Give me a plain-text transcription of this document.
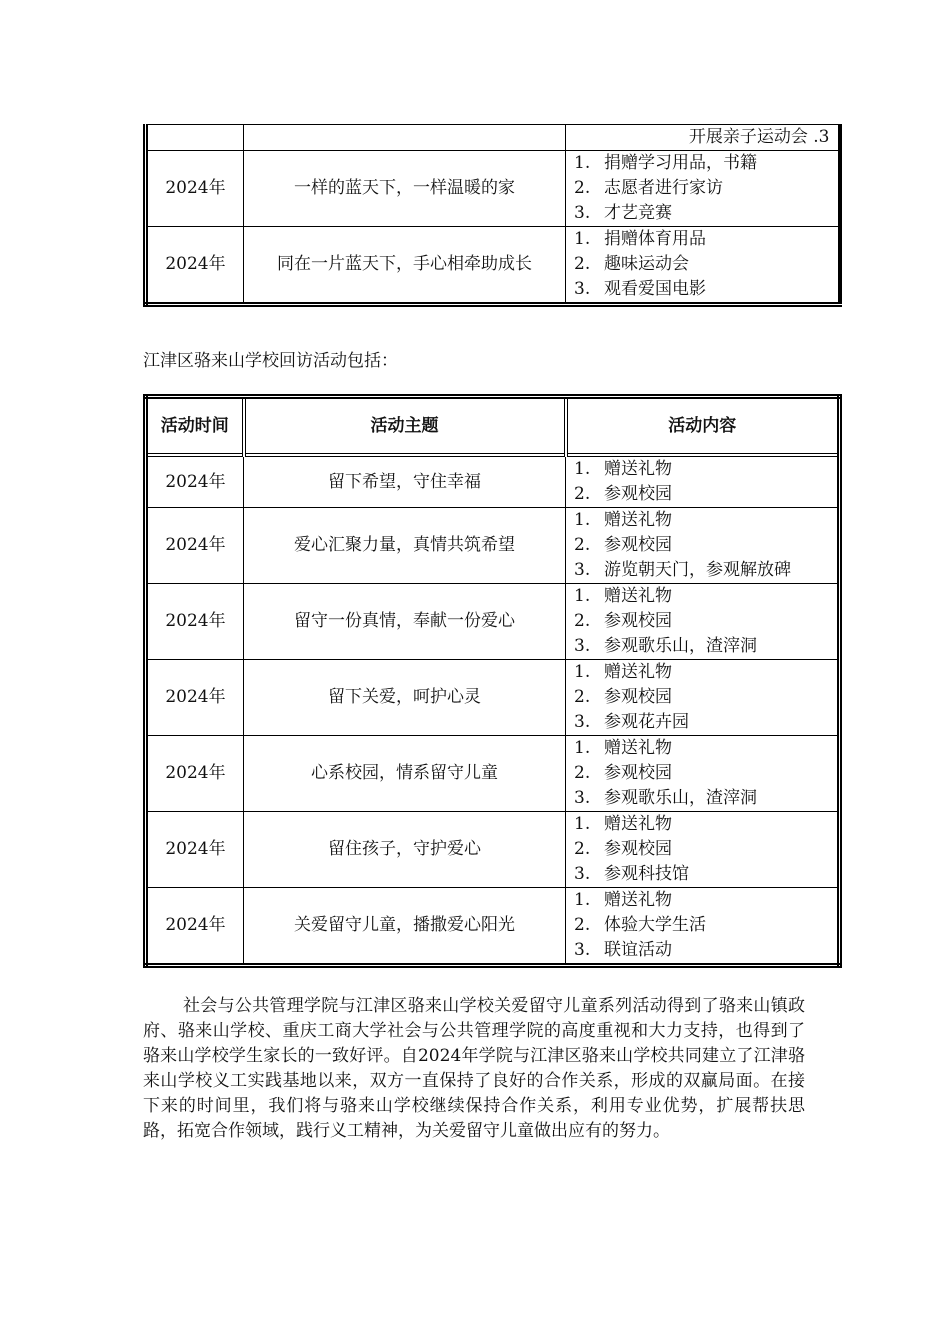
		开展亲子运动会 .3
2024年	一样的蓝天下，一样温暖的家	1. 捐赠学习用品，书籍
2. 志愿者进行家访
3. 才艺竞赛

2024年	同在一片蓝天下，手心相牵助成长	1. 捐赠体育用品
2. 趣味运动会
3. 观看爱国电影
江津区骆来山学校回访活动包括：
活动时间	活动主题	活动内容
2024年	留下希望，守住幸福	1. 赠送礼物
2. 参观校园

2024年	爱心汇聚力量，真情共筑希望	1. 赠送礼物
2. 参观校园
3. 游览朝天门，参观解放碑

2024年	留守一份真情，奉献一份爱心	1. 赠送礼物
2. 参观校园
3. 参观歌乐山，渣滓洞

2024年	留下关爱，呵护心灵	1. 赠送礼物
2. 参观校园
3. 参观花卉园

2024年	心系校园，情系留守儿童	1. 赠送礼物
2. 参观校园
3. 参观歌乐山，渣滓洞

2024年	留住孩子，守护爱心	1. 赠送礼物
2. 参观校园
3. 参观科技馆

2024年	关爱留守儿童，播撒爱心阳光	1. 赠送礼物
2. 体验大学生活
3. 联谊活动

社会与公共管理学院与江津区骆来山学校关爱留守儿童系列活动得到了骆来山镇政府、骆来山学校、重庆工商大学社会与公共管理学院的高度重视和大力支持，也得到了骆来山学校学生家长的一致好评。自2024年学院与江津区骆来山学校共同建立了江津骆来山学校义工实践基地以来，双方一直保持了良好的合作关系，形成的双赢局面。在接下来的时间里，我们将与骆来山学校继续保持合作关系，利用专业优势，扩展帮扶思路，拓宽合作领域，践行义工精神，为关爱留守儿童做出应有的努力。
